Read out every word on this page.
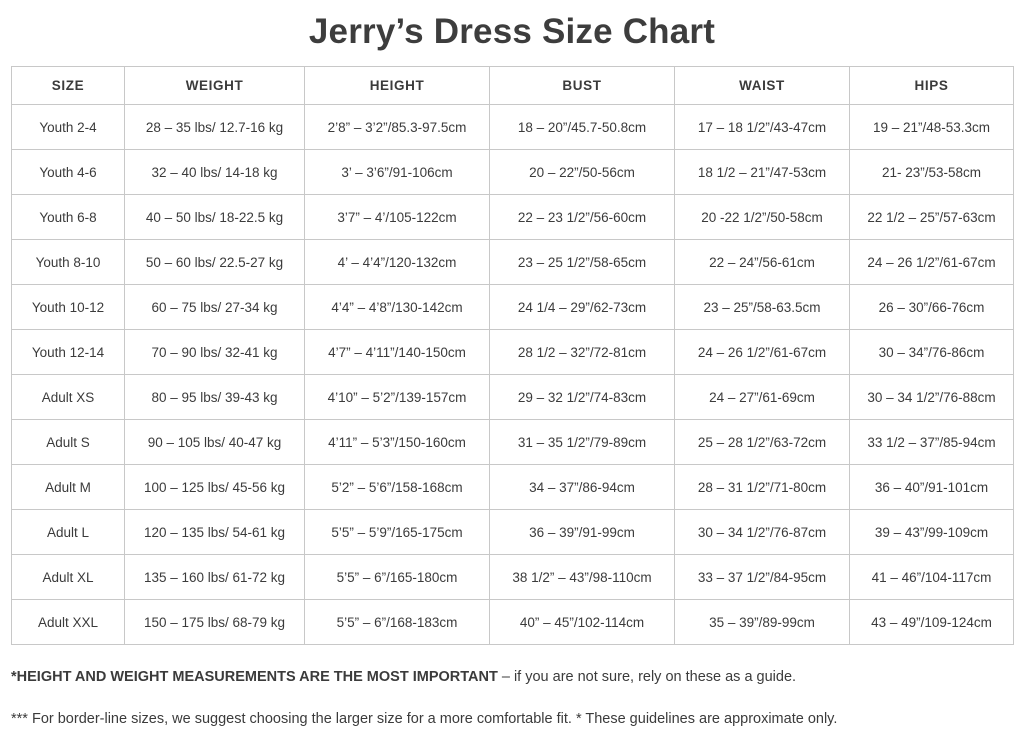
Jerry’s Dress Size Chart
SIZE	WEIGHT	HEIGHT	BUST	WAIST	HIPS
Youth 2-4	28 – 35 lbs/ 12.7-16 kg	2’8” – 3’2”/85.3-97.5cm	18 – 20”/45.7-50.8cm	17 – 18 1/2”/43-47cm	19 – 21”/48-53.3cm
Youth 4-6	32 – 40 lbs/ 14-18 kg	3’ – 3’6”/91-106cm	20 – 22”/50-56cm	18 1/2 – 21”/47-53cm	21- 23”/53-58cm
Youth 6-8	40 – 50 lbs/ 18-22.5 kg	3’7” – 4’/105-122cm	22 – 23 1/2”/56-60cm	20 -22 1/2”/50-58cm	22 1/2 – 25”/57-63cm
Youth 8-10	50 – 60 lbs/ 22.5-27 kg	4’ – 4’4”/120-132cm	23 – 25 1/2”/58-65cm	22 – 24”/56-61cm	24 – 26 1/2”/61-67cm
Youth 10-12	60 – 75 lbs/ 27-34 kg	4’4” – 4’8”/130-142cm	24 1/4 – 29”/62-73cm	23 – 25”/58-63.5cm	26 – 30”/66-76cm
Youth 12-14	70 – 90 lbs/ 32-41 kg	4’7” – 4’11”/140-150cm	28 1/2 – 32”/72-81cm	24 – 26 1/2”/61-67cm	30 – 34”/76-86cm
Adult XS	80 – 95 lbs/ 39-43 kg	4’10” – 5’2”/139-157cm	29 – 32 1/2”/74-83cm	24 – 27”/61-69cm	30 – 34 1/2”/76-88cm
Adult S	90 – 105 lbs/ 40-47 kg	4’11” – 5’3”/150-160cm	31 – 35 1/2”/79-89cm	25 – 28 1/2”/63-72cm	33 1/2 – 37”/85-94cm
Adult M	100 – 125 lbs/ 45-56 kg	5’2” – 5’6”/158-168cm	34 – 37”/86-94cm	28 – 31 1/2”/71-80cm	36 – 40”/91-101cm
Adult L	120 – 135 lbs/ 54-61 kg	5’5” – 5’9”/165-175cm	36 – 39”/91-99cm	30 – 34 1/2”/76-87cm	39 – 43”/99-109cm
Adult XL	135 – 160 lbs/ 61-72 kg	5’5” – 6”/165-180cm	38 1/2” – 43”/98-110cm	33 – 37 1/2”/84-95cm	41 – 46”/104-117cm
Adult XXL	150 – 175 lbs/ 68-79 kg	5’5” – 6”/168-183cm	40” – 45”/102-114cm	35 – 39”/89-99cm	43 – 49”/109-124cm

*HEIGHT AND WEIGHT MEASUREMENTS ARE THE MOST IMPORTANT – if you are not sure, rely on these as a guide.

*** For border-line sizes, we suggest choosing the larger size for a more comfortable fit. * These guidelines are approximate only.
